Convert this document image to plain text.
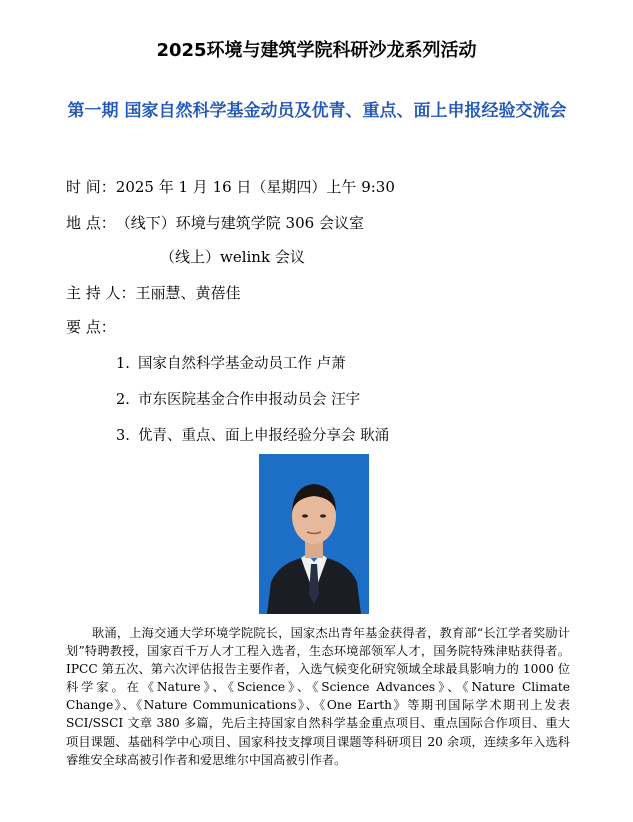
2025环境与建筑学院科研沙龙系列活动
第一期 国家自然科学基金动员及优青、重点、面上申报经验交流会
时 间：2025 年 1 月 16 日（星期四）上午 9:30
地 点：（线下）环境与建筑学院 306 会议室
（线上）welink 会议
主 持 人：王丽慧、黄蓓佳
要 点：
1. 国家自然科学基金动员工作 卢萧
2. 市东医院基金合作申报动员会 汪宇
3. 优青、重点、面上申报经验分享会 耿涌
耿涌，上海交通大学环境学院院长，国家杰出青年基金获得者，教育部“长江学者奖励计划”特聘教授，国家百千万人才工程入选者，生态环境部领军人才，国务院特殊津贴获得者。IPCC 第五次、第六次评估报告主要作者，入选气候变化研究领域全球最具影响力的 1000 位科学家。在《Nature》、《Science》、《Science Advances》、《Nature Climate Change》、《Nature Communications》、《One Earth》等期刊国际学术期刊上发表 SCI/SSCI 文章 380 多篇，先后主持国家自然科学基金重点项目、重点国际合作项目、重大项目课题、基础科学中心项目、国家科技支撑项目课题等科研项目 20 余项，连续多年入选科睿维安全球高被引作者和爱思维尔中国高被引作者。
